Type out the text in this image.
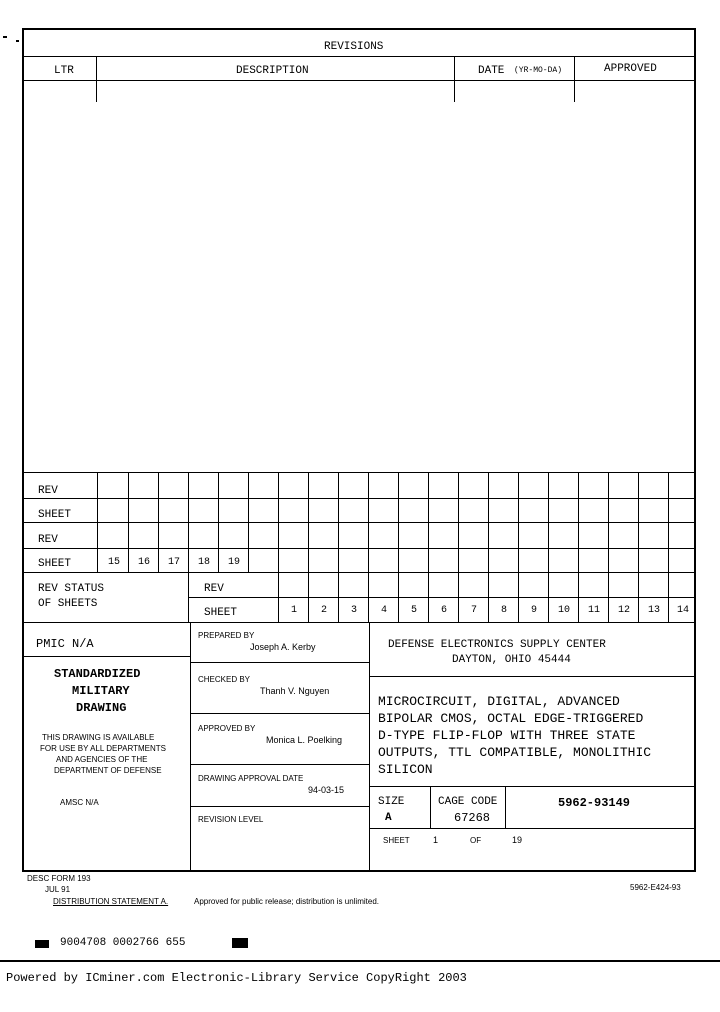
REVISIONS
LTR	DESCRIPTION	DATE (YR-MO-DA)	APPROVED
REV
SHEET
REV
SHEET	15	16	17	18	19
REV STATUS
OF SHEETS
REV
SHEET	1	2	3	4	5	6	7	8	9	10	11	12	13	14
PMIC N/A
STANDARDIZED
MILITARY
DRAWING
THIS DRAWING IS AVAILABLE
FOR USE BY ALL DEPARTMENTS
AND AGENCIES OF THE
DEPARTMENT OF DEFENSE
AMSC N/A
PREPARED BY
Joseph A. Kerby
CHECKED BY
Thanh V. Nguyen
APPROVED BY
Monica L. Poelking
DRAWING APPROVAL DATE
94-03-15
REVISION LEVEL
DEFENSE ELECTRONICS SUPPLY CENTER
DAYTON, OHIO 45444
MICROCIRCUIT, DIGITAL, ADVANCED
BIPOLAR CMOS, OCTAL EDGE-TRIGGERED
D-TYPE FLIP-FLOP WITH THREE STATE
OUTPUTS, TTL COMPATIBLE, MONOLITHIC
SILICON
SIZE
A
CAGE CODE
67268
5962-93149
SHEET	1	OF	19
DESC FORM 193
JUL 91	5962-E424-93
DISTRIBUTION STATEMENT A.	Approved for public release; distribution is unlimited.
9004708 0002766 655
Powered by ICminer.com Electronic-Library Service CopyRight 2003
